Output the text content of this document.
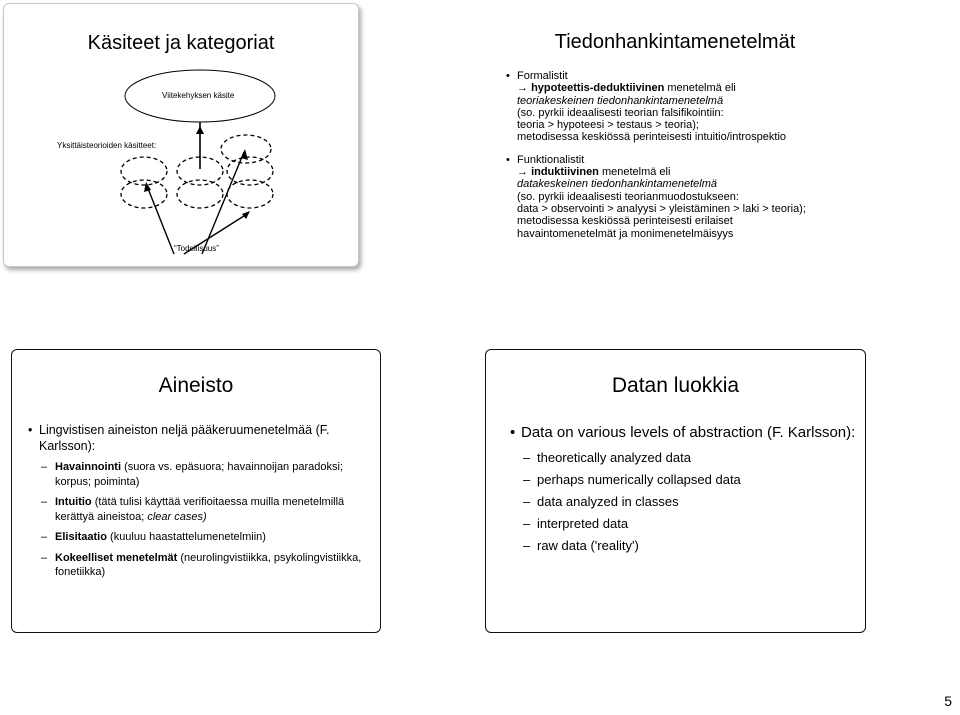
Käsiteet ja kategoriat
Viitekehyksen käsite
Yksittäisteorioiden käsitteet:
“Todellisuus”
Tiedonhankintamenetelmät
• Formalistit

→ hypoteettis-deduktiivinen menetelmä eli

teoriakeskeinen tiedonhankintamenetelmä

(so. pyrkii ideaalisesti teorian falsifikointiin:

teoria > hypoteesi > testaus > teoria);

metodisessa keskiössä perinteisesti intuitio/introspektio

• Funktionalistit

→ induktiivinen menetelmä eli

datakeskeinen tiedonhankintamenetelmä

(so. pyrkii ideaalisesti teorianmuodostukseen:

data > observointi > analyysi > yleistäminen > laki > teoria);

metodisessa keskiössä perinteisesti erilaiset

havaintomenetelmät ja monimenetelmäisyys

Aineisto
• Lingvistisen aineiston neljä pääkeruumenetelmää (F. Karlsson):
– Havainnointi (suora vs. epäsuora; havainnoijan paradoksi; korpus; poiminta)
– Intuitio (tätä tulisi käyttää verifioitaessa muilla menetelmillä kerättyä aineistoa; clear cases)
– Elisitaatio (kuuluu haastattelumenetelmiin)
– Kokeelliset menetelmät (neurolingvistiikka, psykolingvistiikka, fonetiikka)
Datan luokkia
• Data on various levels of abstraction (F. Karlsson):
– theoretically analyzed data
– perhaps numerically collapsed data
– data analyzed in classes
– interpreted data
– raw data ('reality')
5
